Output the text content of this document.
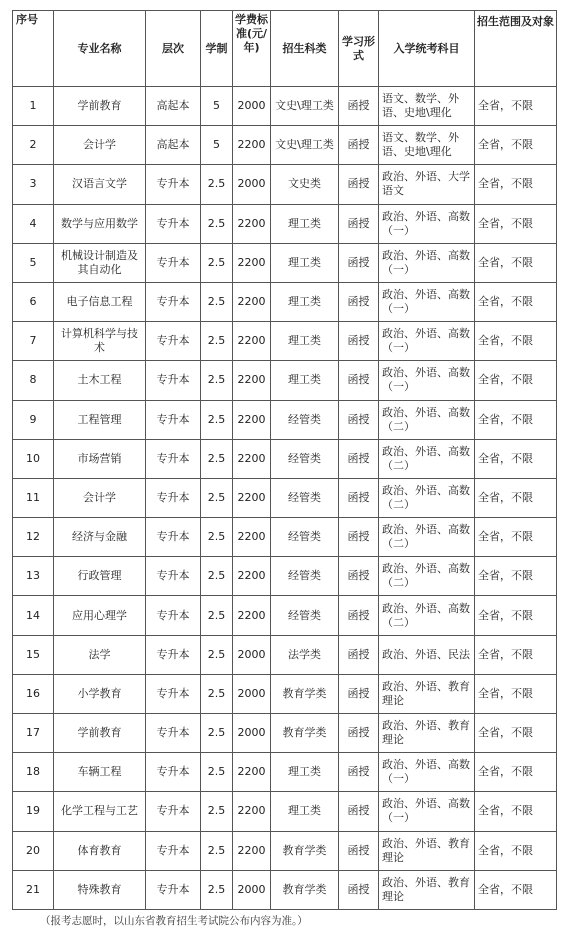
序号	专业名称	层次	学制	学费标准(元/年)	招生科类	学习形式	入学统考科目	招生范围及对象
1	学前教育	高起本	5	2000	文史\理工类	函授	语文、数学、外语、史地\理化	全省，不限
2	会计学	高起本	5	2200	文史\理工类	函授	语文、数学、外语、史地\理化	全省，不限
3	汉语言文学	专升本	2.5	2000	文史类	函授	政治、外语、大学语文	全省，不限
4	数学与应用数学	专升本	2.5	2200	理工类	函授	政治、外语、高数（一）	全省，不限
5	机械设计制造及其自动化	专升本	2.5	2200	理工类	函授	政治、外语、高数（一）	全省，不限
6	电子信息工程	专升本	2.5	2200	理工类	函授	政治、外语、高数（一）	全省，不限
7	计算机科学与技术	专升本	2.5	2200	理工类	函授	政治、外语、高数（一）	全省，不限
8	土木工程	专升本	2.5	2200	理工类	函授	政治、外语、高数（一）	全省，不限
9	工程管理	专升本	2.5	2200	经管类	函授	政治、外语、高数（二）	全省，不限
10	市场营销	专升本	2.5	2200	经管类	函授	政治、外语、高数（二）	全省，不限
11	会计学	专升本	2.5	2200	经管类	函授	政治、外语、高数（二）	全省，不限
12	经济与金融	专升本	2.5	2200	经管类	函授	政治、外语、高数（二）	全省，不限
13	行政管理	专升本	2.5	2200	经管类	函授	政治、外语、高数（二）	全省，不限
14	应用心理学	专升本	2.5	2200	经管类	函授	政治、外语、高数（二）	全省，不限
15	法学	专升本	2.5	2000	法学类	函授	政治、外语、民法	全省，不限
16	小学教育	专升本	2.5	2000	教育学类	函授	政治、外语、教育理论	全省，不限
17	学前教育	专升本	2.5	2000	教育学类	函授	政治、外语、教育理论	全省，不限
18	车辆工程	专升本	2.5	2200	理工类	函授	政治、外语、高数（一）	全省，不限
19	化学工程与工艺	专升本	2.5	2200	理工类	函授	政治、外语、高数（一）	全省，不限
20	体育教育	专升本	2.5	2200	教育学类	函授	政治、外语、教育理论	全省，不限
21	特殊教育	专升本	2.5	2000	教育学类	函授	政治、外语、教育理论	全省，不限
（报考志愿时，以山东省教育招生考试院公布内容为准。）
